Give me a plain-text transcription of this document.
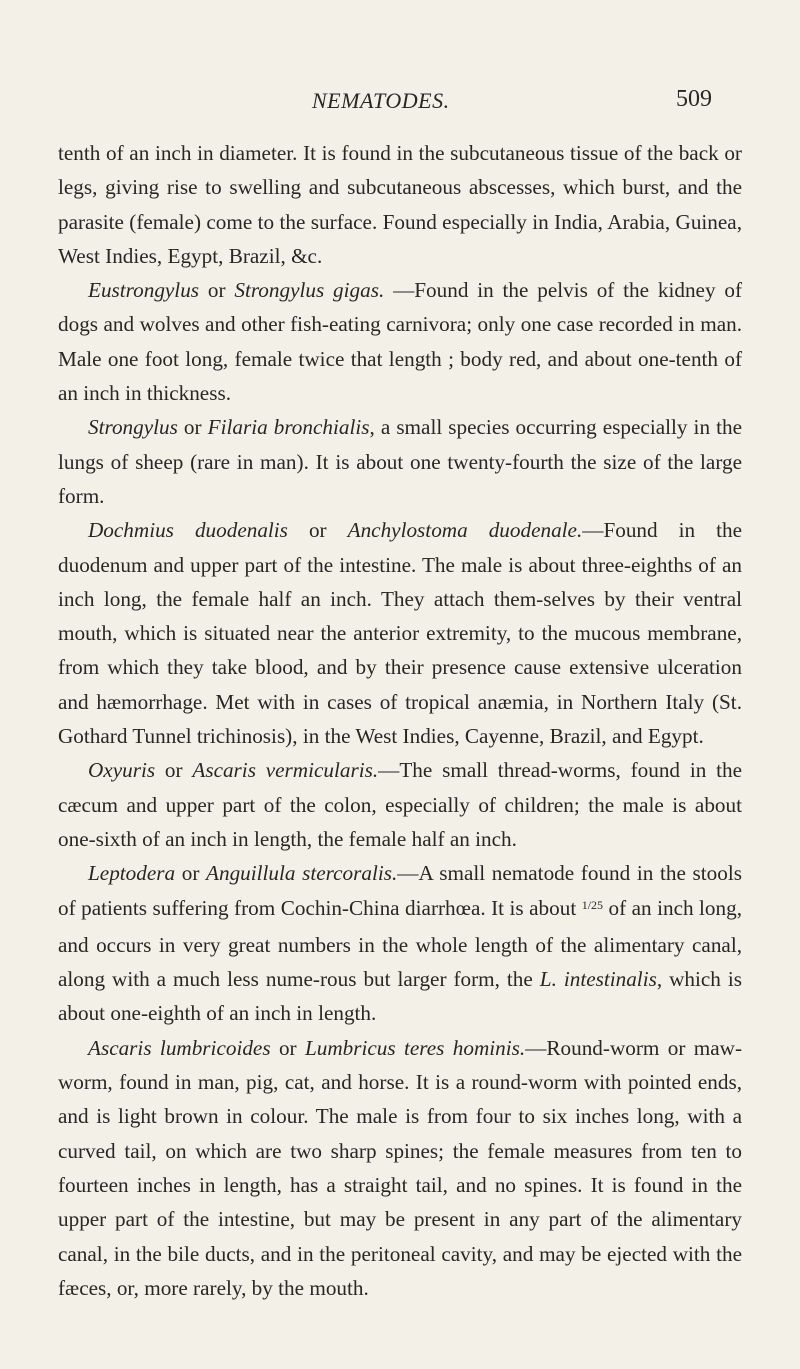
NEMATODES.	509

tenth of an inch in diameter. It is found in the subcutaneous tissue of the back or legs, giving rise to swelling and subcutaneous abscesses, which burst, and the parasite (female) come to the surface. Found especially in India, Arabia, Guinea, West Indies, Egypt, Brazil, &c.

Eustrongylus or Strongylus gigas. —Found in the pelvis of the kidney of dogs and wolves and other fish-eating carnivora; only one case recorded in man. Male one foot long, female twice that length ; body red, and about one-tenth of an inch in thickness.

Strongylus or Filaria bronchialis, a small species occurring especially in the lungs of sheep (rare in man). It is about one twenty-fourth the size of the large form.

Dochmius duodenalis or Anchylostoma duodenale.—Found in the duodenum and upper part of the intestine. The male is about three-eighths of an inch long, the female half an inch. They attach them-selves by their ventral mouth, which is situated near the anterior extremity, to the mucous membrane, from which they take blood, and by their presence cause extensive ulceration and hæmorrhage. Met with in cases of tropical anæmia, in Northern Italy (St. Gothard Tunnel trichinosis), in the West Indies, Cayenne, Brazil, and Egypt.

Oxyuris or Ascaris vermicularis.—The small thread-worms, found in the cæcum and upper part of the colon, especially of children; the male is about one-sixth of an inch in length, the female half an inch.

Leptodera or Anguillula stercoralis.—A small nematode found in the stools of patients suffering from Cochin-China diarrhœa. It is about $^{1/25}$ of an inch long, and occurs in very great numbers in the whole length of the alimentary canal, along with a much less nume-rous but larger form, the L. intestinalis, which is about one-eighth of an inch in length.

Ascaris lumbricoides or Lumbricus teres hominis.—Round-worm or maw-worm, found in man, pig, cat, and horse. It is a round-worm with pointed ends, and is light brown in colour. The male is from four to six inches long, with a curved tail, on which are two sharp spines; the female measures from ten to fourteen inches in length, has a straight tail, and no spines. It is found in the upper part of the intestine, but may be present in any part of the alimentary canal, in the bile ducts, and in the peritoneal cavity, and may be ejected with the fæces, or, more rarely, by the mouth.
